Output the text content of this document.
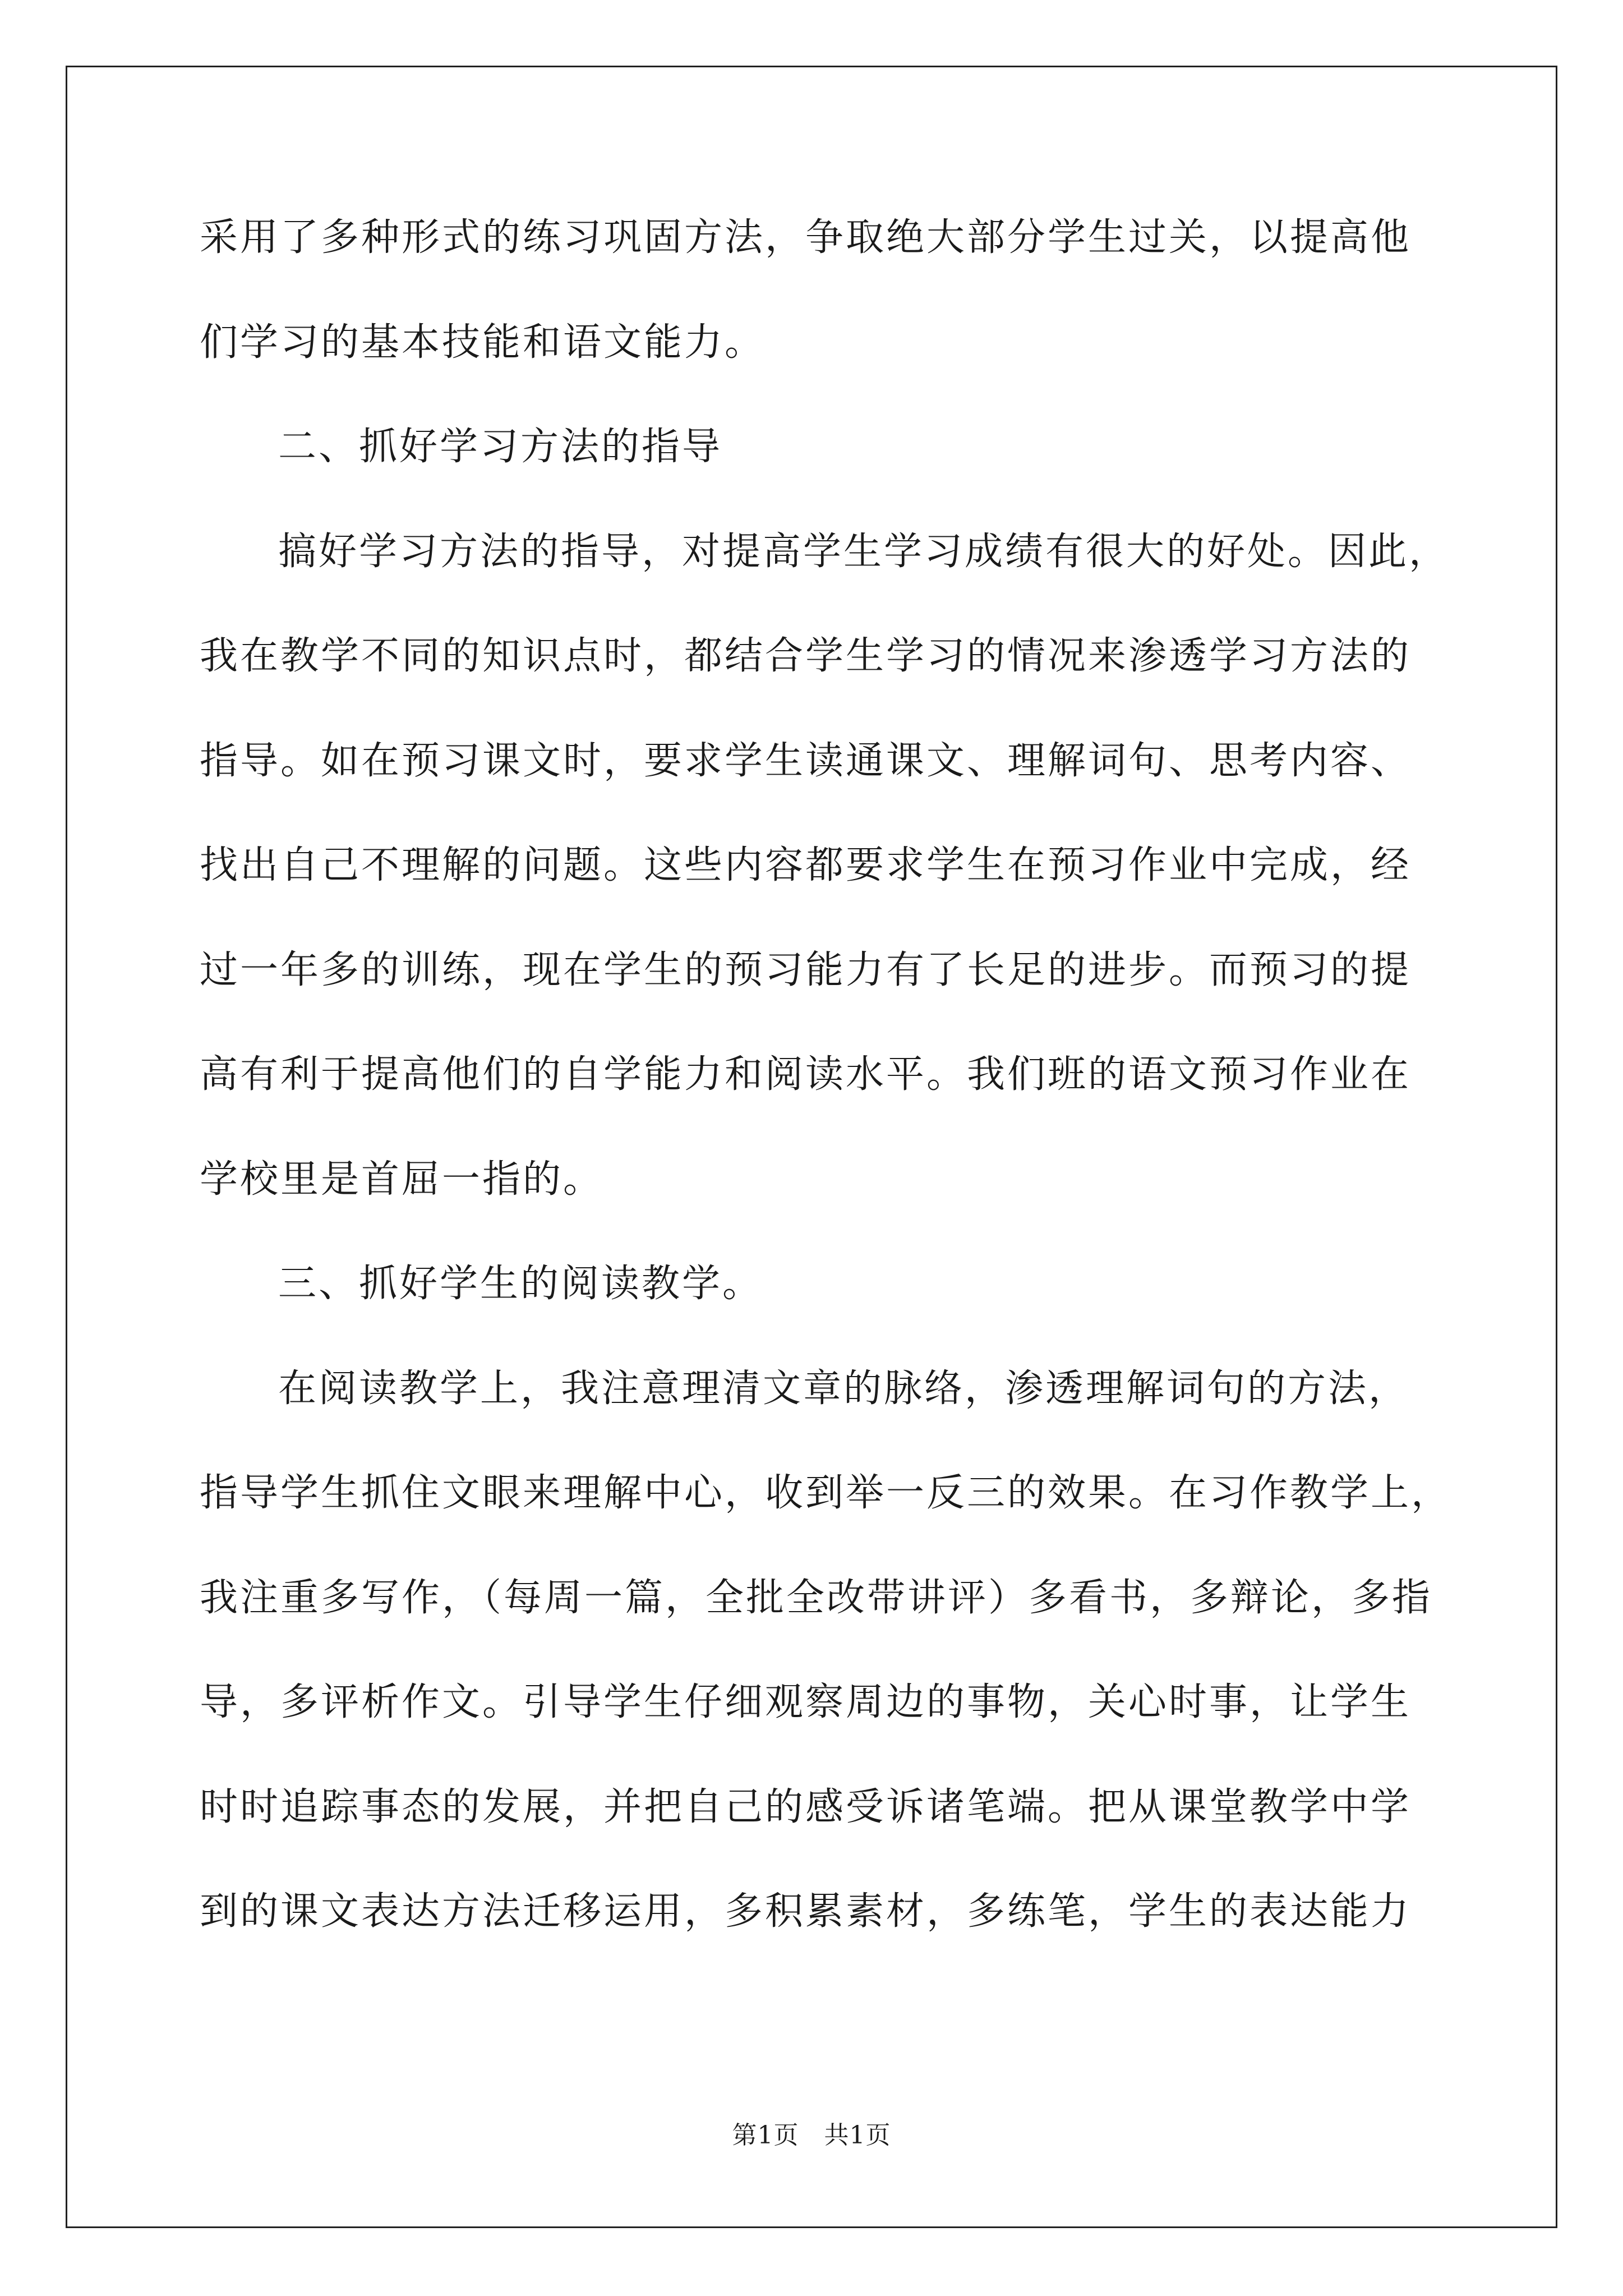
采用了多种形式的练习巩固方法，争取绝大部分学生过关，以提高他
们学习的基本技能和语文能力。
二、抓好学习方法的指导
搞好学习方法的指导，对提高学生学习成绩有很大的好处。因此，
我在教学不同的知识点时，都结合学生学习的情况来渗透学习方法的
指导。如在预习课文时，要求学生读通课文、理解词句、思考内容、
找出自己不理解的问题。这些内容都要求学生在预习作业中完成，经
过一年多的训练，现在学生的预习能力有了长足的进步。而预习的提
高有利于提高他们的自学能力和阅读水平。我们班的语文预习作业在
学校里是首屈一指的。
三、抓好学生的阅读教学。
在阅读教学上，我注意理清文章的脉络，渗透理解词句的方法，
指导学生抓住文眼来理解中心，收到举一反三的效果。在习作教学上，
我注重多写作，（每周一篇，全批全改带讲评）多看书，多辩论，多指
导，多评析作文。引导学生仔细观察周边的事物，关心时事，让学生
时时追踪事态的发展，并把自己的感受诉诸笔端。把从课堂教学中学
到的课文表达方法迁移运用，多积累素材，多练笔，学生的表达能力
第1页 共1页
